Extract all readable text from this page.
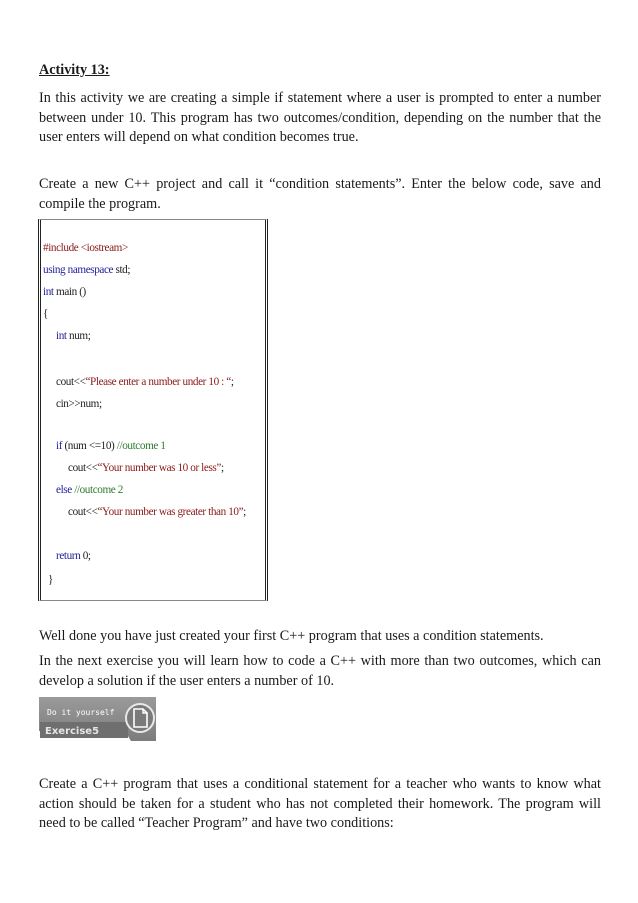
Activity 13:
In this activity we are creating a simple if statement where a user is prompted to enter a number between under 10. This program has two outcomes/condition, depending on the number that the user enters will depend on what condition becomes true.
Create a new C++ project and call it “condition statements”. Enter the below code, save and compile the program.
#include <iostream>
using namespace std;
int main ()
{
int num;
cout<<“Please enter a number under 10 : “;
cin>>num;
if (num <=10) //outcome 1
cout<<“Your number was 10 or less”;
else //outcome 2
cout<<“Your number was greater than 10”;
return 0;
}
Well done you have just created your first C++ program that uses a condition statements.
In the next exercise you will learn how to code a C++ with more than two outcomes, which can develop a solution if the user enters a number of 10.
Do it yourself
Exercise5
Create a C++ program that uses a conditional statement for a teacher who wants to know what action should be taken for a student who has not completed their homework. The program will need to be called “Teacher Program” and have two conditions:
